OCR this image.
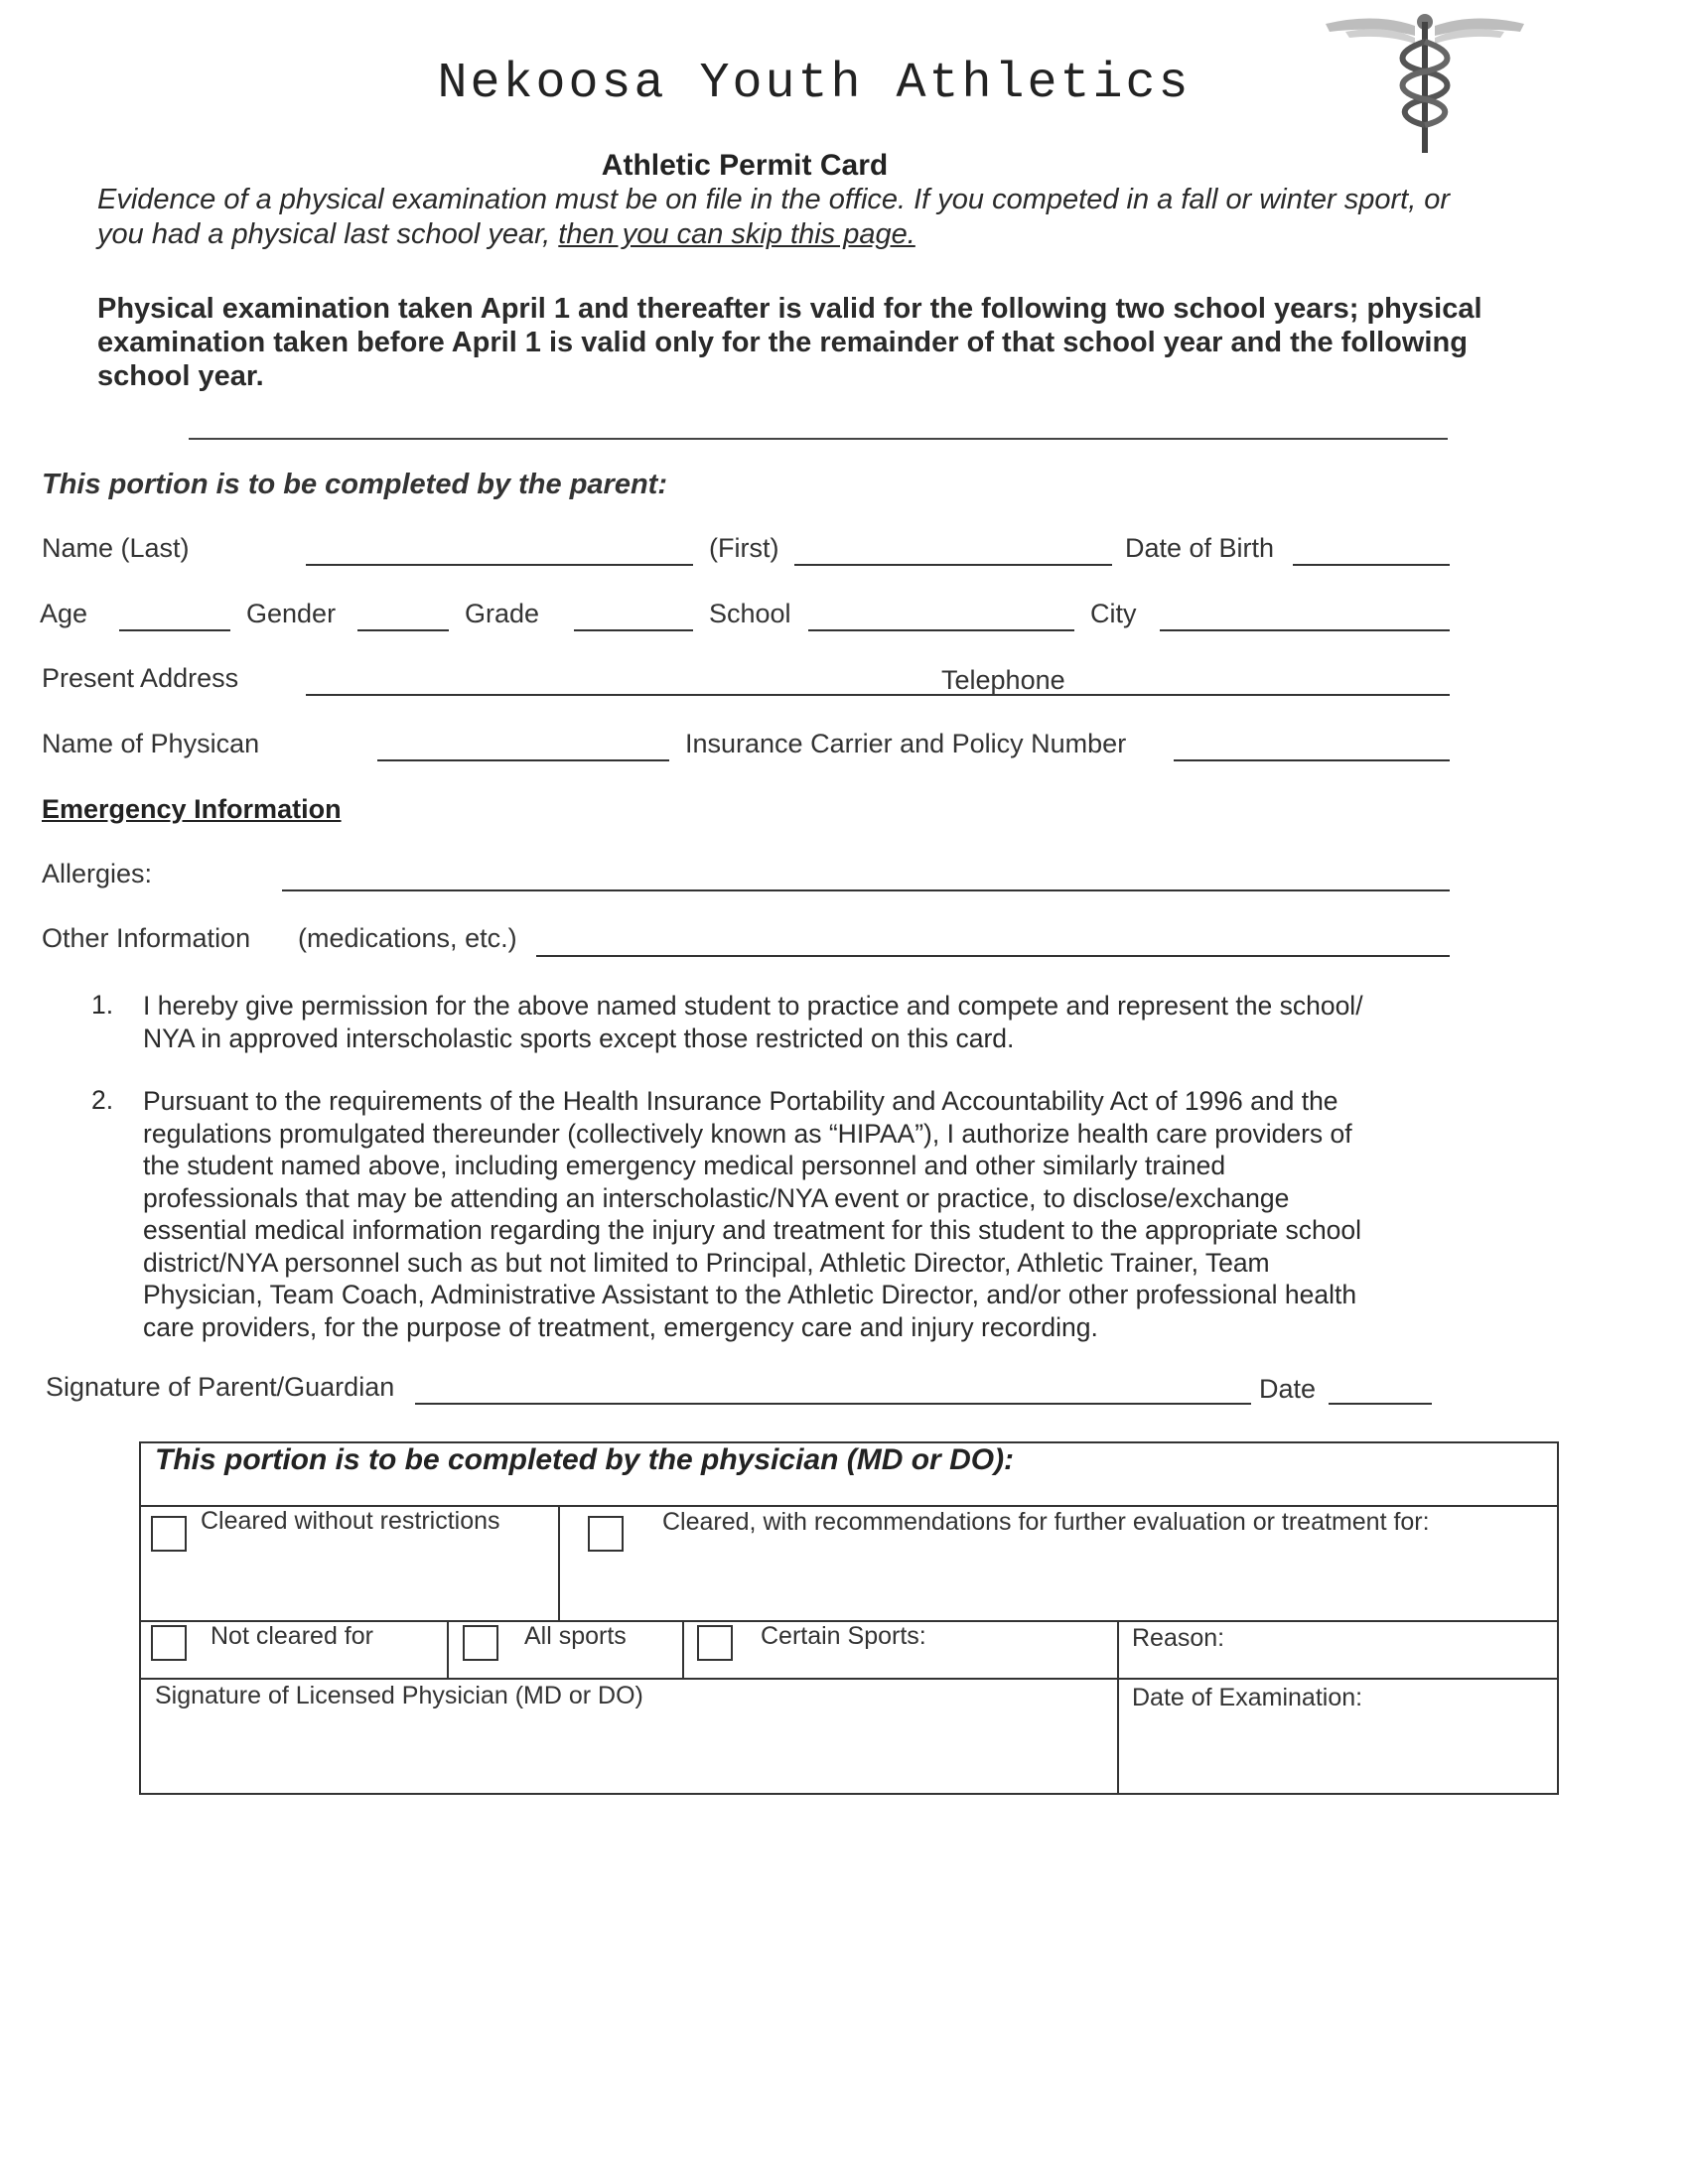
Nekoosa Youth Athletics
Athletic Permit Card
Evidence of a physical examination must be on file in the office. If you competed in a fall or winter sport, or
you had a physical last school year, then you can skip this page.
Physical examination taken April 1 and thereafter is valid for the following two school years; physical
examination taken before April 1 is valid only for the remainder of that school year and the following
school year.
This portion is to be completed by the parent:
Name (Last)	(First)	Date of Birth
Age	Gender	Grade	School	City
Present Address	Telephone
Name of Physican	Insurance Carrier and Policy Number
Emergency Information
Allergies:
Other Information (medications, etc.)
1. I hereby give permission for the above named student to practice and compete and represent the school/
NYA in approved interscholastic sports except those restricted on this card.
2. Pursuant to the requirements of the Health Insurance Portability and Accountability Act of 1996 and the
regulations promulgated thereunder (collectively known as “HIPAA”), I authorize health care providers of
the student named above, including emergency medical personnel and other similarly trained
professionals that may be attending an interscholastic/NYA event or practice, to disclose/exchange
essential medical information regarding the injury and treatment for this student to the appropriate school
district/NYA personnel such as but not limited to Principal, Athletic Director, Athletic Trainer, Team
Physician, Team Coach, Administrative Assistant to the Athletic Director, and/or other professional health
care providers, for the purpose of treatment, emergency care and injury recording.
Signature of Parent/Guardian	Date
This portion is to be completed by the physician (MD or DO):
Cleared without restrictions	Cleared, with recommendations for further evaluation or treatment for:
Not cleared for	All sports	Certain Sports:	Reason:
Signature of Licensed Physician (MD or DO)	Date of Examination:
